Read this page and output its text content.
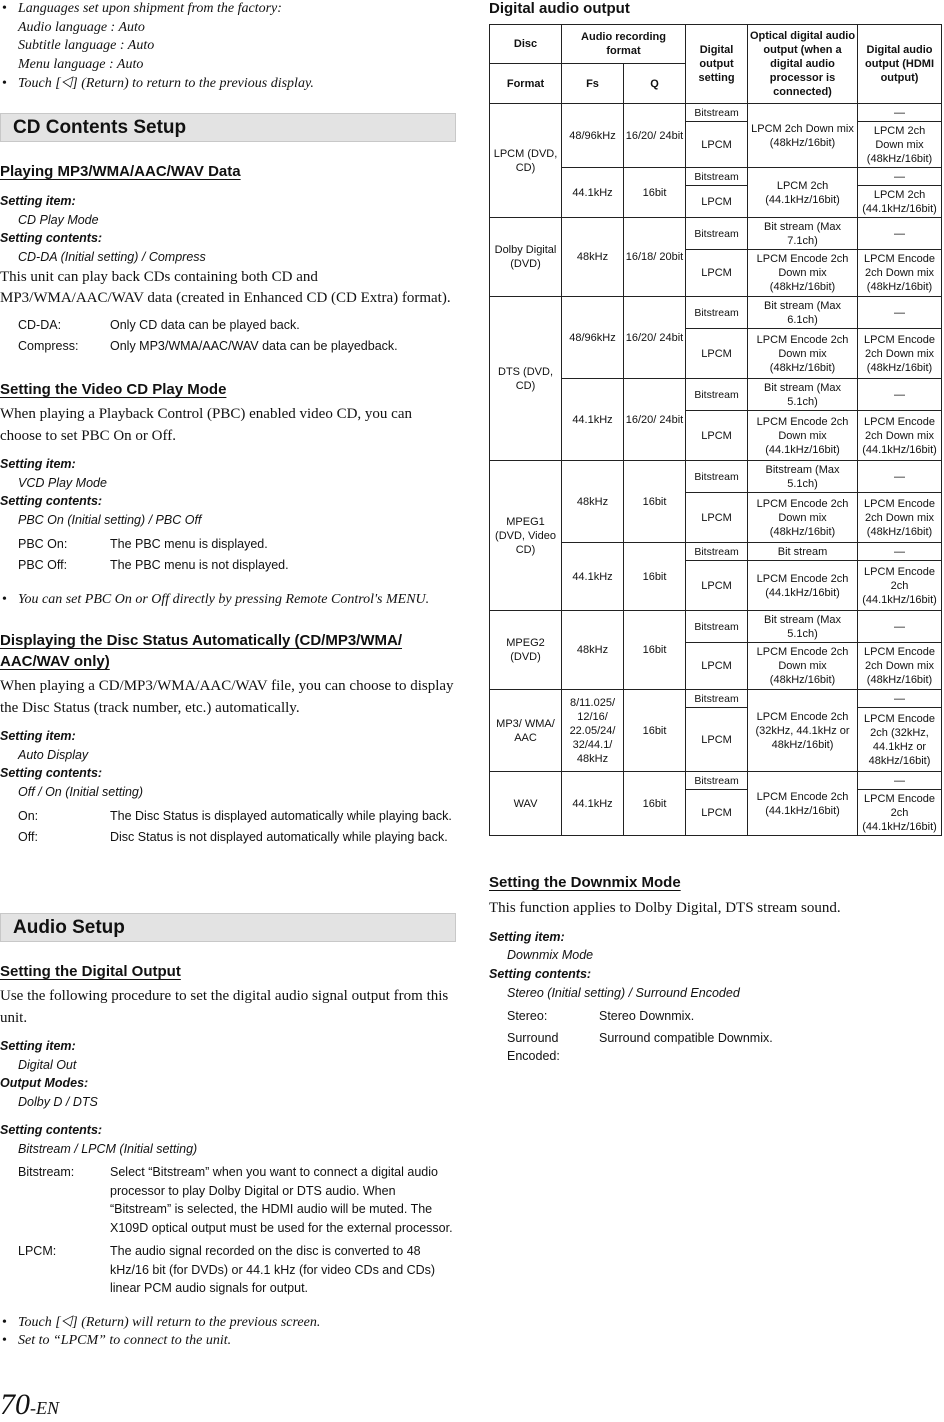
• Languages set upon shipment from the factory:
Audio language : Auto
Subtitle language : Auto
Menu language : Auto
• Touch [⨞] (Return) to return to the previous display.
CD Contents Setup
Playing MP3/WMA/AAC/WAV Data
Setting item:
CD Play Mode
Setting contents:
CD-DA (Initial setting) / Compress
This unit can play back CDs containing both CD and MP3/WMA/AAC/WAV data (created in Enhanced CD (CD Extra) format).
CD-DA:	Only CD data can be played back.
Compress:	Only MP3/WMA/AAC/WAV data can be playedback.
Setting the Video CD Play Mode
When playing a Playback Control (PBC) enabled video CD, you can choose to set PBC On or Off.
Setting item:
VCD Play Mode
Setting contents:
PBC On (Initial setting) / PBC Off
PBC On:	The PBC menu is displayed.
PBC Off:	The PBC menu is not displayed.
• You can set PBC On or Off directly by pressing Remote Control's MENU.
Displaying the Disc Status Automatically (CD/MP3/WMA/
AAC/WAV only)
When playing a CD/MP3/WMA/AAC/WAV file, you can choose to display the Disc Status (track number, etc.) automatically.
Setting item:
Auto Display
Setting contents:
Off / On (Initial setting)
On:	The Disc Status is displayed automatically while playing back.
Off:	Disc Status is not displayed automatically while playing back.
Audio Setup
Setting the Digital Output
Use the following procedure to set the digital audio signal output from this unit.
Setting item:
Digital Out
Output Modes:
Dolby D / DTS
Setting contents:
Bitstream / LPCM (Initial setting)
Bitstream:	Select “Bitstream” when you want to connect a digital audio processor to play Dolby Digital or DTS audio. When “Bitstream” is selected, the HDMI audio will be muted. The X109D optical output must be used for the external processor.
LPCM:	The audio signal recorded on the disc is converted to 48 kHz/16 bit (for DVDs) or 44.1 kHz (for video CDs and CDs) linear PCM audio signals for output.
• Touch [⨞] (Return) will return to the previous screen.
• Set to “LPCM” to connect to the unit.
70-EN
Digital audio output
Disc	Audio recording format		Digital output setting	Optical digital audio output (when a digital audio processor is connected)	Digital audio output (HDMI output)
Format	Fs	Q			
LPCM (DVD, CD)	48/96kHz	16/20/ 24bit	Bitstream	LPCM 2ch Down mix (48kHz/16bit)	—
			LPCM		LPCM 2ch Down mix (48kHz/16bit)
	44.1kHz	16bit	Bitstream	LPCM 2ch (44.1kHz/16bit)	—
			LPCM		LPCM 2ch (44.1kHz/16bit)
Dolby Digital (DVD)	48kHz	16/18/ 20bit	Bitstream	Bit stream (Max 7.1ch)	—
			LPCM	LPCM Encode 2ch Down mix (48kHz/16bit)	LPCM Encode 2ch Down mix (48kHz/16bit)
DTS (DVD, CD)	48/96kHz	16/20/ 24bit	Bitstream	Bit stream (Max 6.1ch)	—
			LPCM	LPCM Encode 2ch Down mix (48kHz/16bit)	LPCM Encode 2ch Down mix (48kHz/16bit)
	44.1kHz	16/20/ 24bit	Bitstream	Bit stream (Max 5.1ch)	—
			LPCM	LPCM Encode 2ch Down mix (44.1kHz/16bit)	LPCM Encode 2ch Down mix (44.1kHz/16bit)
MPEG1 (DVD, Video CD)	48kHz	16bit	Bitstream	Bitstream (Max 5.1ch)	—
			LPCM	LPCM Encode 2ch Down mix (48kHz/16bit)	LPCM Encode 2ch Down mix (48kHz/16bit)
	44.1kHz	16bit	Bitstream	Bit stream	—
			LPCM	LPCM Encode 2ch (44.1kHz/16bit)	LPCM Encode 2ch (44.1kHz/16bit)
MPEG2 (DVD)	48kHz	16bit	Bitstream	Bit stream (Max 5.1ch)	—
			LPCM	LPCM Encode 2ch Down mix (48kHz/16bit)	LPCM Encode 2ch Down mix (48kHz/16bit)
MP3/ WMA/ AAC	8/11.025/ 12/16/ 22.05/24/ 32/44.1/ 48kHz	16bit	Bitstream	LPCM Encode 2ch (32kHz, 44.1kHz or 48kHz/16bit)	—
			LPCM		LPCM Encode 2ch (32kHz, 44.1kHz or 48kHz/16bit)
WAV	44.1kHz	16bit	Bitstream	LPCM Encode 2ch (44.1kHz/16bit)	—
			LPCM		LPCM Encode 2ch (44.1kHz/16bit)
Setting the Downmix Mode
This function applies to Dolby Digital, DTS stream sound.
Setting item:
Downmix Mode
Setting contents:
Stereo (Initial setting) / Surround Encoded
Stereo:	Stereo Downmix.
Surround Encoded:
Surround compatible Downmix.
